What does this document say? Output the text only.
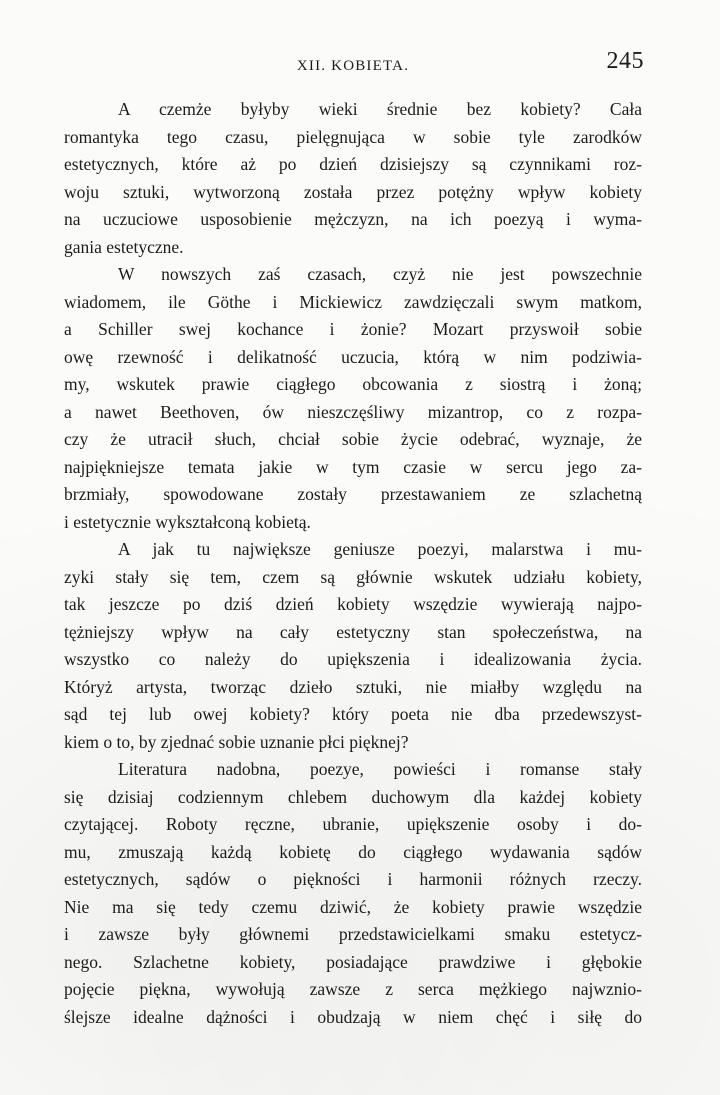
XII. KOBIETA.	245
A czemże byłyby wieki średnie bez kobiety? Cała
romantyka tego czasu, pielęgnująca w sobie tyle zarodków
estetycznych, które aż po dzień dzisiejszy są czynnikami roz-
woju sztuki, wytworzoną została przez potężny wpływ kobiety
na uczuciowe usposobienie mężczyzn, na ich poezyą i wyma-
gania estetyczne.
W nowszych zaś czasach, czyż nie jest powszechnie
wiadomem, ile Göthe i Mickiewicz zawdzięczali swym matkom,
a Schiller swej kochance i żonie? Mozart przyswoił sobie
owę rzewność i delikatność uczucia, którą w nim podziwia-
my, wskutek prawie ciągłego obcowania z siostrą i żoną;
a nawet Beethoven, ów nieszczęśliwy mizantrop, co z rozpa-
czy że utracił słuch, chciał sobie życie odebrać, wyznaje, że
najpiękniejsze temata jakie w tym czasie w sercu jego za-
brzmiały, spowodowane zostały przestawaniem ze szlachetną
i estetycznie wykształconą kobietą.
A jak tu największe geniusze poezyi, malarstwa i mu-
zyki stały się tem, czem są głównie wskutek udziału kobiety,
tak jeszcze po dziś dzień kobiety wszędzie wywierają najpo-
tężniejszy wpływ na cały estetyczny stan społeczeństwa, na
wszystko co należy do upiększenia i idealizowania życia.
Któryż artysta, tworząc dzieło sztuki, nie miałby względu na
sąd tej lub owej kobiety? który poeta nie dba przedewszyst-
kiem o to, by zjednać sobie uznanie płci pięknej?
Literatura nadobna, poezye, powieści i romanse stały
się dzisiaj codziennym chlebem duchowym dla każdej kobiety
czytającej. Roboty ręczne, ubranie, upiększenie osoby i do-
mu, zmuszają każdą kobietę do ciągłego wydawania sądów
estetycznych, sądów o piękności i harmonii różnych rzeczy.
Nie ma się tedy czemu dziwić, że kobiety prawie wszędzie
i zawsze były głównemi przedstawicielkami smaku estetycz-
nego. Szlachetne kobiety, posiadające prawdziwe i głębokie
pojęcie piękna, wywołują zawsze z serca mężkiego najwznio-
ślejsze idealne dążności i obudzają w niem chęć i siłę do
